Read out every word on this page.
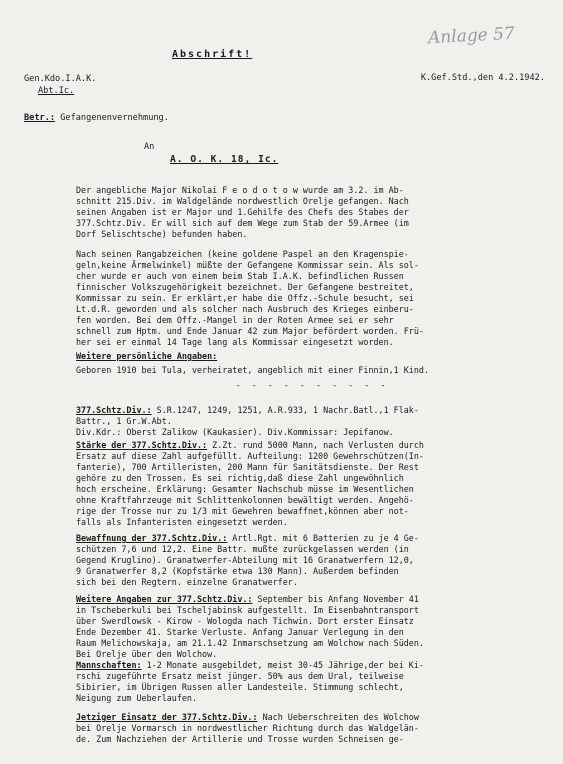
Anlage 57
Abschrift!
Gen.Kdo.I.A.K.
Abt.Ic.
K.Gef.Std.,den 4.2.1942.
Betr.: Gefangenenvernehmung.
An
A. O. K. 18, Ic.
Der angebliche Major Nikolai F e o d o t o w wurde am 3.2. im Ab-
schnitt 215.Div. im Waldgelände nordwestlich Orelje gefangen. Nach
seinen Angaben ist er Major und 1.Gehilfe des Chefs des Stabes der
377.Schtz.Div. Er will sich auf dem Wege zum Stab der 59.Armee (im
Dorf Selischtsche) befunden haben.
Nach seinen Rangabzeichen (keine goldene Paspel an den Kragenspie-
geln,keine Ärmelwinkel) müßte der Gefangene Kommissar sein. Als sol-
cher wurde er auch von einem beim Stab I.A.K. befindlichen Russen
finnischer Volkszugehörigkeit bezeichnet. Der Gefangene bestreitet,
Kommissar zu sein. Er erklärt,er habe die Offz.-Schule besucht, sei
Lt.d.R. geworden und als solcher nach Ausbruch des Krieges einberu-
fen worden. Bei dem Offz.-Mangel in der Roten Armee sei er sehr
schnell zum Hptm. und Ende Januar 42 zum Major befördert worden. Frü-
her sei er einmal 14 Tage lang als Kommissar eingesetzt worden.
Weitere persönliche Angaben:
Geboren 1910 bei Tula, verheiratet, angeblich mit einer Finnin,1 Kind.
- - - - - - - - - -
377.Schtz.Div.: S.R.1247, 1249, 1251, A.R.933, 1 Nachr.Batl.,1 Flak-
Battr., 1 Gr.W.Abt.
Div.Kdr.: Oberst Zalikow (Kaukasier). Div.Kommissar: Jepifanow.
Stärke der 377.Schtz.Div.: Z.Zt. rund 5000 Mann, nach Verlusten durch
Ersatz auf diese Zahl aufgefüllt. Aufteilung: 1200 Gewehrschützen(In-
fanterie), 700 Artilleristen, 200 Mann für Sanitätsdienste. Der Rest
gehöre zu den Trossen. Es sei richtig,daß diese Zahl ungewöhnlich
hoch erscheine. Erklärung: Gesamter Nachschub müsse im Wesentlichen
ohne Kraftfahrzeuge mit Schlittenkolonnen bewältigt werden. Angehö-
rige der Trosse nur zu 1/3 mit Gewehren bewaffnet,können aber not-
falls als Infanteristen eingesetzt werden.
Bewaffnung der 377.Schtz.Div.: Artl.Rgt. mit 6 Batterien zu je 4 Ge-
schützen 7,6 und 12,2. Eine Battr. mußte zurückgelassen werden (in
Gegend Kruglino). Granatwerfer-Abteilung mit 16 Granatwerfern 12,0,
9 Granatwerfer 8,2 (Kopfstärke etwa 130 Mann). Außerdem befinden
sich bei den Regtern. einzelne Granatwerfer.
Weitere Angaben zur 377.Schtz.Div.: September bis Anfang November 41
in Tscheberkuli bei Tscheljabinsk aufgestellt. Im Eisenbahntransport
über Swerdlowsk - Kirow - Wologda nach Tichwin. Dort erster Einsatz
Ende Dezember 41. Starke Verluste. Anfang Januar Verlegung in den
Raum Melichowskaja, am 21.1.42 Inmarschsetzung am Wolchow nach Süden.
Bei Orelje über den Wolchow.
Mannschaften: 1-2 Monate ausgebildet, meist 30-45 Jährige,der bei Ki-
rschi zugeführte Ersatz meist jünger. 50% aus dem Ural, teilweise
Sibirier, im Übrigen Russen aller Landesteile. Stimmung schlecht,
Neigung zum Ueberlaufen.
Jetziger Einsatz der 377.Schtz.Div.: Nach Ueberschreiten des Wolchow
bei Orelje Vormarsch in nordwestlicher Richtung durch das Waldgelän-
de. Zum Nachziehen der Artillerie und Trosse wurden Schneisen ge-
